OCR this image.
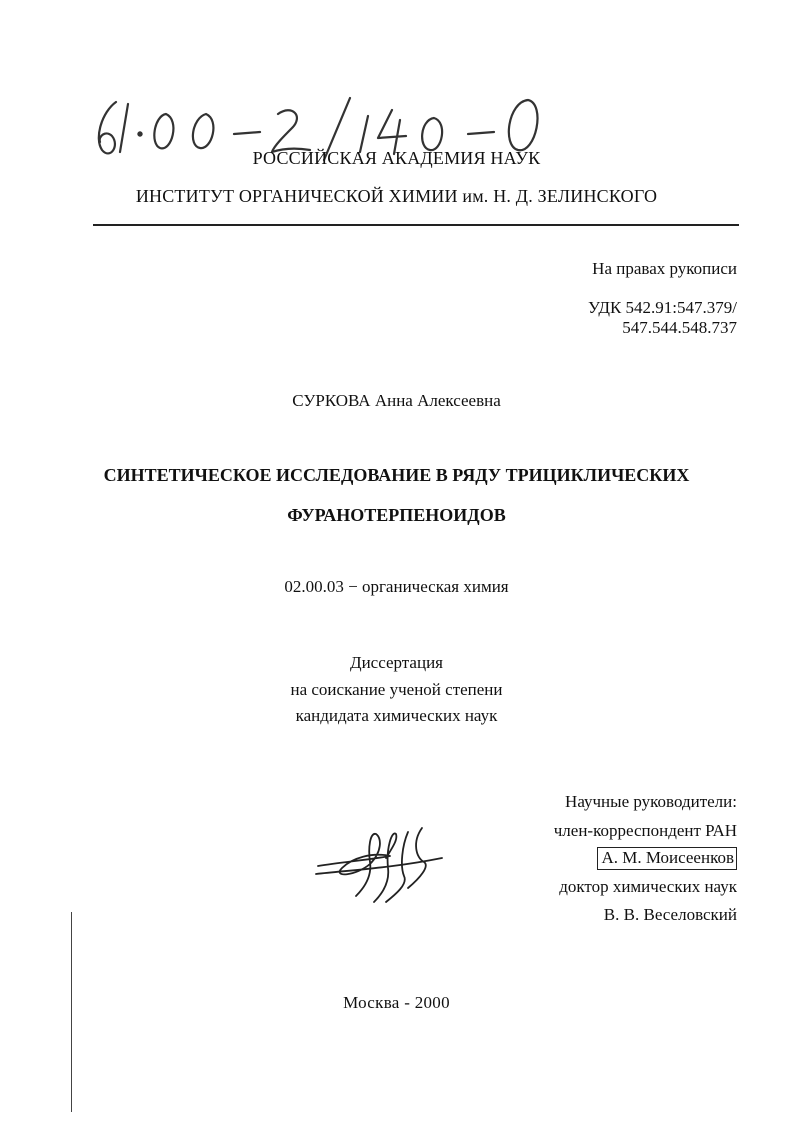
РОССИЙСКАЯ АКАДЕМИЯ НАУК
ИНСТИТУТ ОРГАНИЧЕСКОЙ ХИМИИ им. Н. Д. ЗЕЛИНСКОГО
На правах рукописи
УДК 542.91:547.379/
547.544.548.737
СУРКОВА Анна Алексеевна
СИНТЕТИЧЕСКОЕ ИССЛЕДОВАНИЕ В РЯДУ ТРИЦИКЛИЧЕСКИХ
ФУРАНОТЕРПЕНОИДОВ
02.00.03 − органическая химия
Диссертация
на соискание ученой степени
кандидата химических наук
Научные руководители:
член-корреспондент РАН
А. М. Моисеенков
доктор химических наук
В. В. Веселовский
Москва - 2000
